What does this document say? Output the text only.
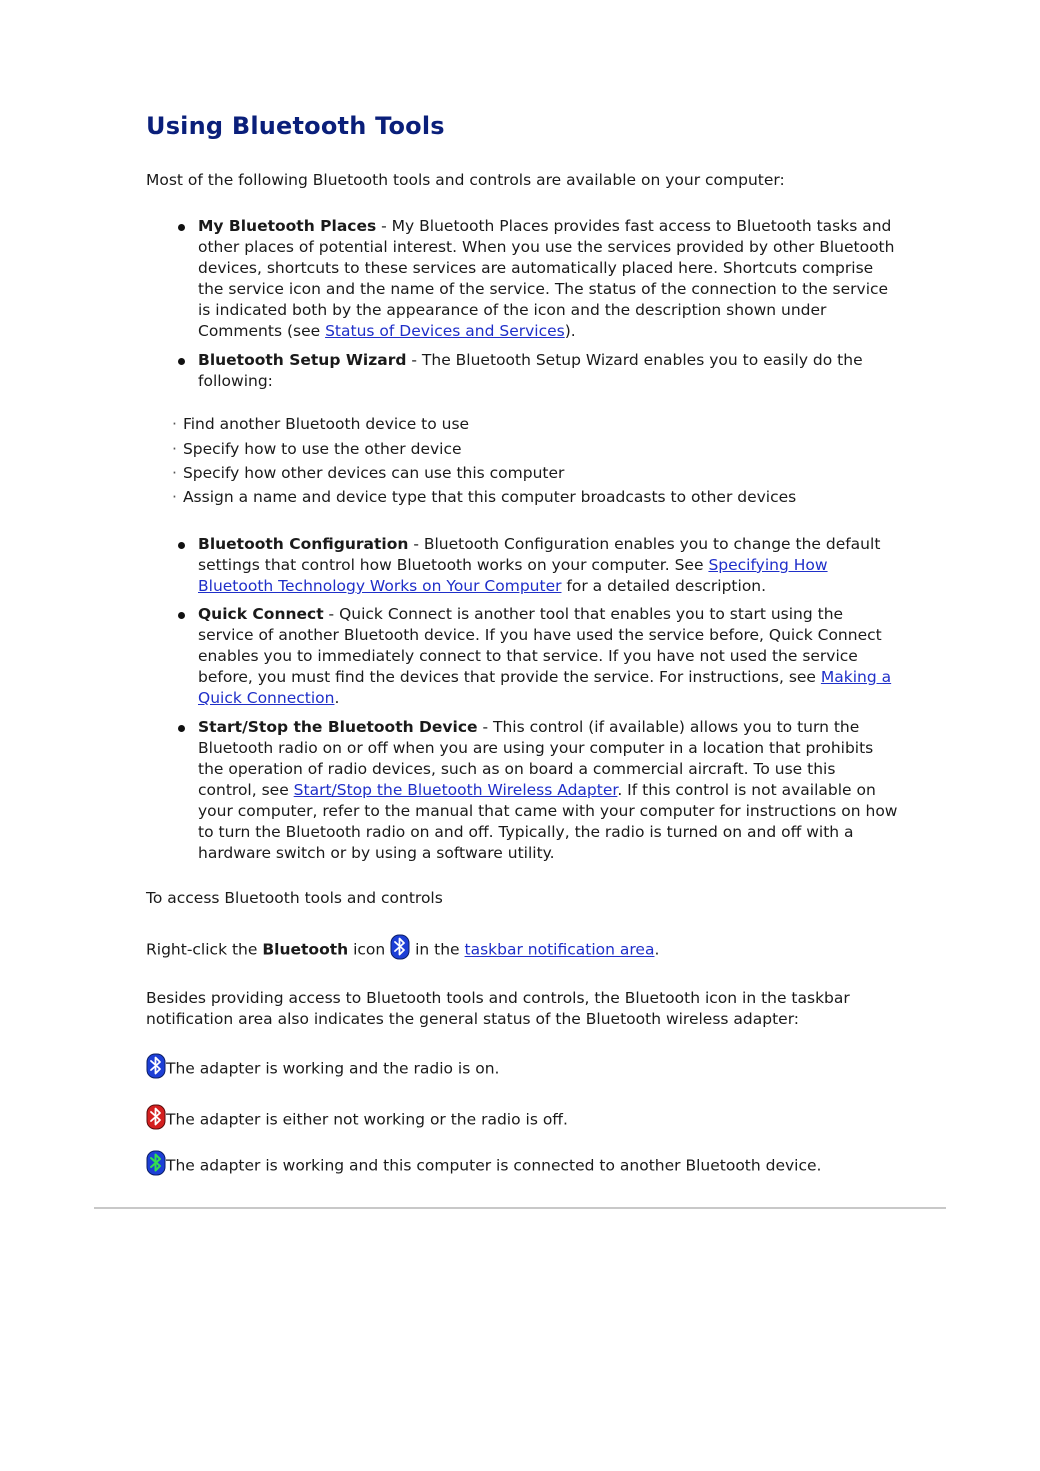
Using Bluetooth Tools
Most of the following Bluetooth tools and controls are available on your computer:
My Bluetooth Places - My Bluetooth Places provides fast access to Bluetooth tasks and other places of potential interest. When you use the services provided by other Bluetooth devices, shortcuts to these services are automatically placed here. Shortcuts comprise the service icon and the name of the service. The status of the connection to the service is indicated both by the appearance of the icon and the description shown under Comments (see Status of Devices and Services).
Bluetooth Setup Wizard - The Bluetooth Setup Wizard enables you to easily do the following:
· Find another Bluetooth device to use
· Specify how to use the other device
· Specify how other devices can use this computer
· Assign a name and device type that this computer broadcasts to other devices
Bluetooth Configuration - Bluetooth Configuration enables you to change the default settings that control how Bluetooth works on your computer. See Specifying How Bluetooth Technology Works on Your Computer for a detailed description.
Quick Connect - Quick Connect is another tool that enables you to start using the service of another Bluetooth device. If you have used the service before, Quick Connect enables you to immediately connect to that service. If you have not used the service before, you must find the devices that provide the service. For instructions, see Making a Quick Connection.
Start/Stop the Bluetooth Device - This control (if available) allows you to turn the Bluetooth radio on or off when you are using your computer in a location that prohibits the operation of radio devices, such as on board a commercial aircraft. To use this control, see Start/Stop the Bluetooth Wireless Adapter. If this control is not available on your computer, refer to the manual that came with your computer for instructions on how to turn the Bluetooth radio on and off. Typically, the radio is turned on and off with a hardware switch or by using a software utility.
To access Bluetooth tools and controls
Right-click the Bluetooth icon  in the taskbar notification area.
Besides providing access to Bluetooth tools and controls, the Bluetooth icon in the taskbar notification area also indicates the general status of the Bluetooth wireless adapter:
The adapter is working and the radio is on.
The adapter is either not working or the radio is off.
The adapter is working and this computer is connected to another Bluetooth device.
